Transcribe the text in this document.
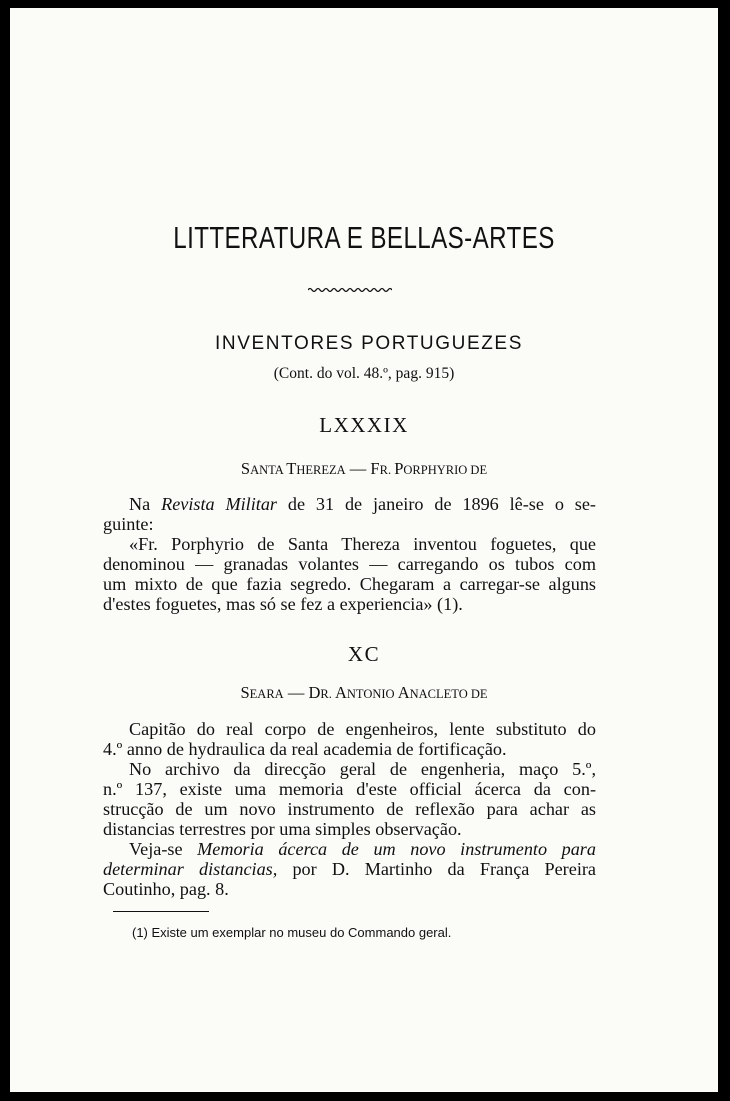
LITTERATURA E BELLAS-ARTES
INVENTORES PORTUGUEZES
(Cont. do vol. 48.º, pag. 915)
LXXXIX
SANTA THEREZA — FR. PORPHYRIO DE

Na Revista Militar de 31 de janeiro de 1896 lê-se o se-

guinte:

«Fr. Porphyrio de Santa Thereza inventou foguetes, que

denominou — granadas volantes — carregando os tubos com
um mixto de que fazia segredo. Chegaram a carregar-se alguns
d'estes foguetes, mas só se fez a experiencia» (1).
XC
SEARA — DR. ANTONIO ANACLETO DE

Capitão do real corpo de engenheiros, lente substituto do

4.º anno de hydraulica da real academia de fortificação.

No archivo da direcção geral de engenheria, maço 5.º,

n.º 137, existe uma memoria d'este official ácerca da con-
strucção de um novo instrumento de reflexão para achar as
distancias terrestres por uma simples observação.

Veja-se Memoria ácerca de um novo instrumento para

determinar distancias, por D. Martinho da França Pereira
Coutinho, pag. 8.
(1) Existe um exemplar no museu do Commando geral.
